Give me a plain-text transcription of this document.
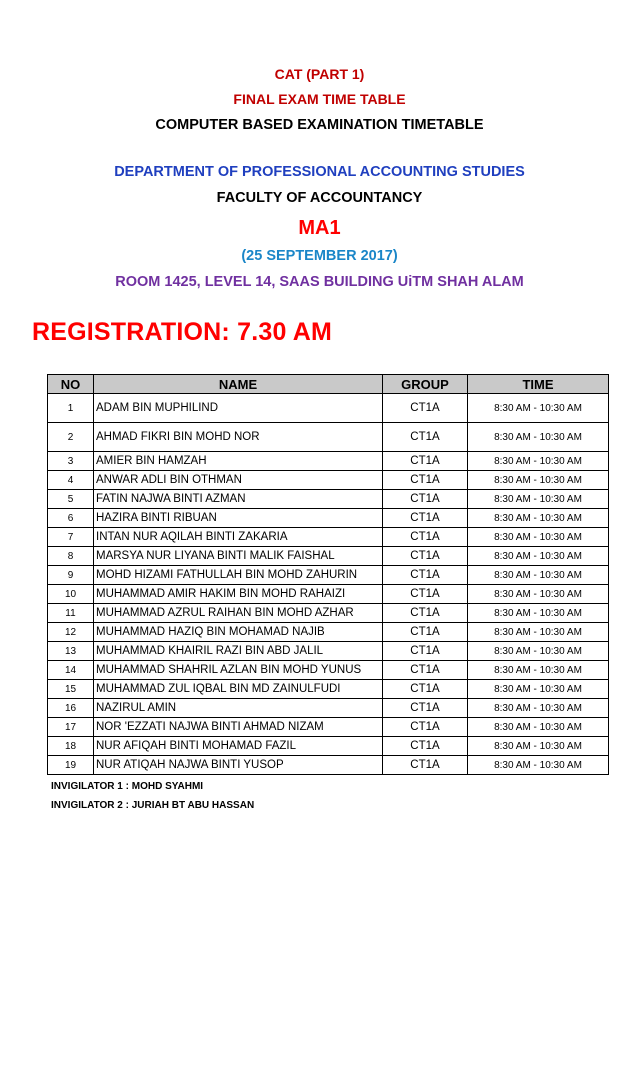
CAT (PART 1)
FINAL EXAM TIME TABLE
COMPUTER BASED EXAMINATION TIMETABLE
DEPARTMENT OF PROFESSIONAL ACCOUNTING STUDIES
FACULTY OF ACCOUNTANCY
MA1
(25 SEPTEMBER 2017)
ROOM 1425, LEVEL 14, SAAS BUILDING UiTM SHAH ALAM
REGISTRATION: 7.30 AM
NO	NAME	GROUP	TIME
1	ADAM BIN MUPHILIND	CT1A	8:30 AM - 10:30 AM
2	AHMAD FIKRI BIN MOHD NOR	CT1A	8:30 AM - 10:30 AM
3	AMIER BIN HAMZAH	CT1A	8:30 AM - 10:30 AM
4	ANWAR ADLI BIN OTHMAN	CT1A	8:30 AM - 10:30 AM
5	FATIN NAJWA BINTI AZMAN	CT1A	8:30 AM - 10:30 AM
6	HAZIRA BINTI RIBUAN	CT1A	8:30 AM - 10:30 AM
7	INTAN NUR AQILAH BINTI ZAKARIA	CT1A	8:30 AM - 10:30 AM
8	MARSYA NUR LIYANA BINTI MALIK FAISHAL	CT1A	8:30 AM - 10:30 AM
9	MOHD HIZAMI FATHULLAH BIN MOHD ZAHURIN	CT1A	8:30 AM - 10:30 AM
10	MUHAMMAD AMIR HAKIM BIN MOHD RAHAIZI	CT1A	8:30 AM - 10:30 AM
11	MUHAMMAD AZRUL RAIHAN BIN MOHD AZHAR	CT1A	8:30 AM - 10:30 AM
12	MUHAMMAD HAZIQ BIN MOHAMAD NAJIB	CT1A	8:30 AM - 10:30 AM
13	MUHAMMAD KHAIRIL RAZI BIN ABD JALIL	CT1A	8:30 AM - 10:30 AM
14	MUHAMMAD SHAHRIL AZLAN BIN MOHD YUNUS	CT1A	8:30 AM - 10:30 AM
15	MUHAMMAD ZUL IQBAL BIN MD ZAINULFUDI	CT1A	8:30 AM - 10:30 AM
16	NAZIRUL AMIN	CT1A	8:30 AM - 10:30 AM
17	NOR 'EZZATI NAJWA BINTI AHMAD NIZAM	CT1A	8:30 AM - 10:30 AM
18	NUR AFIQAH BINTI MOHAMAD FAZIL	CT1A	8:30 AM - 10:30 AM
19	NUR ATIQAH NAJWA BINTI YUSOP	CT1A	8:30 AM - 10:30 AM
INVIGILATOR 1 : MOHD SYAHMI
INVIGILATOR 2 : JURIAH BT ABU HASSAN
